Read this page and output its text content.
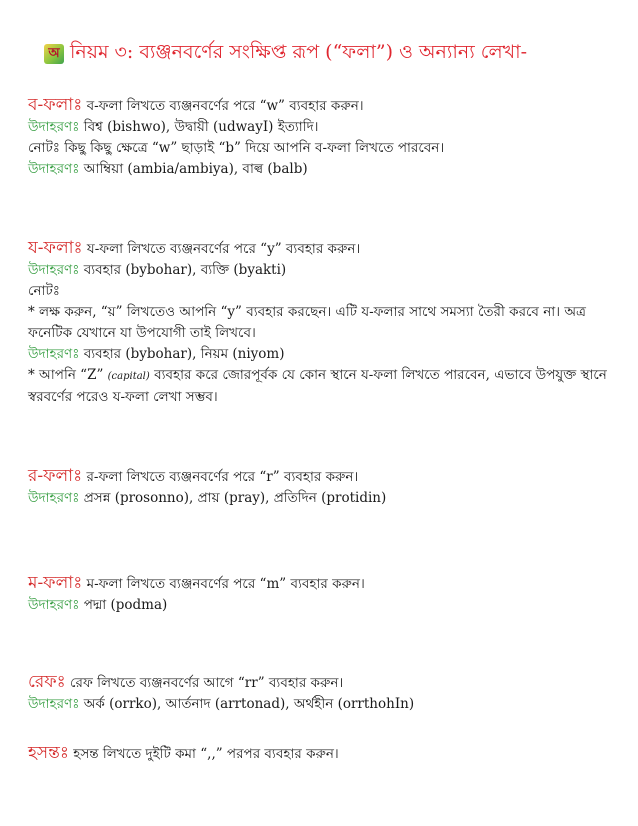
অ নিয়ম ৩: ব্যঞ্জনবর্ণের সংক্ষিপ্ত রূপ (“ফলা”) ও অন্যান্য লেখা-
ব-ফলাঃ ব-ফলা লিখতে ব্যঞ্জনবর্ণের পরে “w” ব্যবহার করুন।
উদাহরণঃ বিশ্ব (bishwo), উদ্বায়ী (udwayI) ইত্যাদি।
নোটঃ কিছু কিছু ক্ষেত্রে “w” ছাড়াই “b” দিয়ে আপনি ব-ফলা লিখতে পারবেন।
উদাহরণঃ আম্বিয়া (ambia/ambiya), বাল্ব (balb)
য-ফলাঃ য-ফলা লিখতে ব্যঞ্জনবর্ণের পরে “y” ব্যবহার করুন।
উদাহরণঃ ব্যবহার (bybohar), ব্যক্তি (byakti)
নোটঃ
* লক্ষ করুন, “য়” লিখতেও আপনি “y” ব্যবহার করছেন। এটি য-ফলার সাথে সমস্যা তৈরী করবে না। অত্র ফনেটিক যেখানে যা উপযোগী তাই লিখবে।
উদাহরণঃ ব্যবহার (bybohar), নিয়ম (niyom)
* আপনি “Z” (capital) ব্যবহার করে জোরপূর্বক যে কোন স্থানে য-ফলা লিখতে পারবেন, এভাবে উপযুক্ত স্থানে স্বরবর্ণের পরেও য-ফলা লেখা সম্ভব।
র-ফলাঃ র-ফলা লিখতে ব্যঞ্জনবর্ণের পরে “r” ব্যবহার করুন।
উদাহরণঃ প্রসন্ন (prosonno), প্রায় (pray), প্রতিদিন (protidin)
ম-ফলাঃ ম-ফলা লিখতে ব্যঞ্জনবর্ণের পরে “m” ব্যবহার করুন।
উদাহরণঃ পদ্মা (podma)
রেফঃ রেফ লিখতে ব্যঞ্জনবর্ণের আগে “rr” ব্যবহার করুন।
উদাহরণঃ অর্ক (orrko), আর্তনাদ (arrtonad), অর্থহীন (orrthohIn)
হসন্তঃ হসন্ত লিখতে দুইটি কমা “,,” পরপর ব্যবহার করুন।
